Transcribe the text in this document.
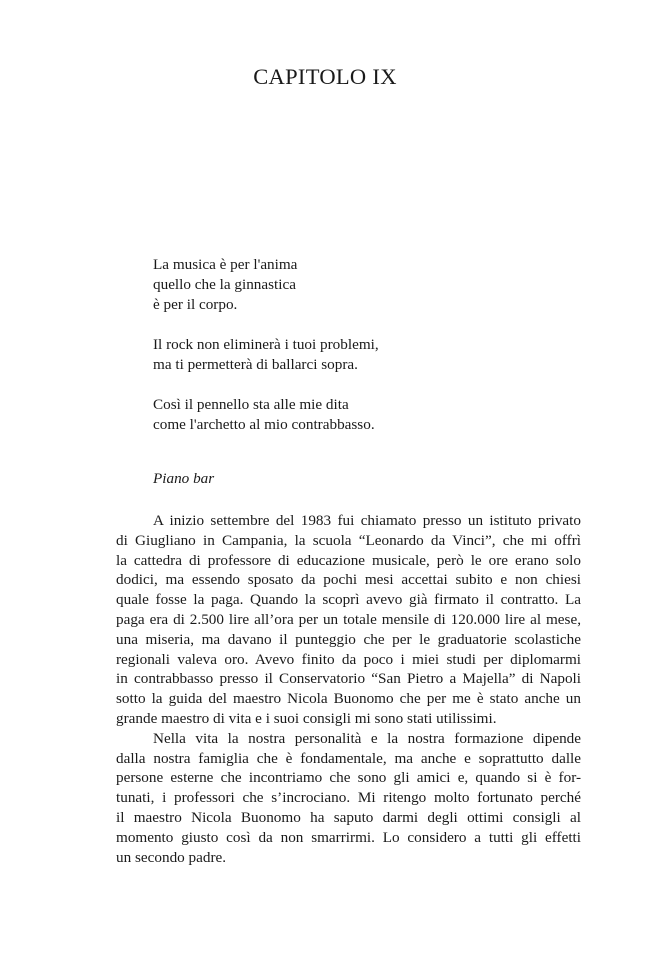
CAPITOLO IX
La musica è per l'anima
quello che la ginnastica
è per il corpo.
Il rock non eliminerà i tuoi problemi,
ma ti permetterà di ballarci sopra.
Così il pennello sta alle mie dita
come l'archetto al mio contrabbasso.
Piano bar

A inizio settembre del 1983 fui chiamato presso un istituto privato
di Giugliano in Campania, la scuola “Leonardo da Vinci”, che mi offrì
la cattedra di professore di educazione musicale, però le ore erano solo
dodici, ma essendo sposato da pochi mesi accettai subito e non chiesi
quale fosse la paga. Quando la scoprì avevo già firmato il contratto. La
paga era di 2.500 lire all’ora per un totale mensile di 120.000 lire al mese,
una miseria, ma davano il punteggio che per le graduatorie scolastiche
regionali valeva oro. Avevo finito da poco i miei studi per diplomarmi
in contrabbasso presso il Conservatorio “San Pietro a Majella” di Napoli
sotto la guida del maestro Nicola Buonomo che per me è stato anche un
grande maestro di vita e i suoi consigli mi sono stati utilissimi.

Nella vita la nostra personalità e la nostra formazione dipende
dalla nostra famiglia che è fondamentale, ma anche e soprattutto dalle
persone esterne che incontriamo che sono gli amici e, quando si è for-
tunati, i professori che s’incrociano. Mi ritengo molto fortunato perché
il maestro Nicola Buonomo ha saputo darmi degli ottimi consigli al
momento giusto così da non smarrirmi. Lo considero a tutti gli effetti
un secondo padre.
